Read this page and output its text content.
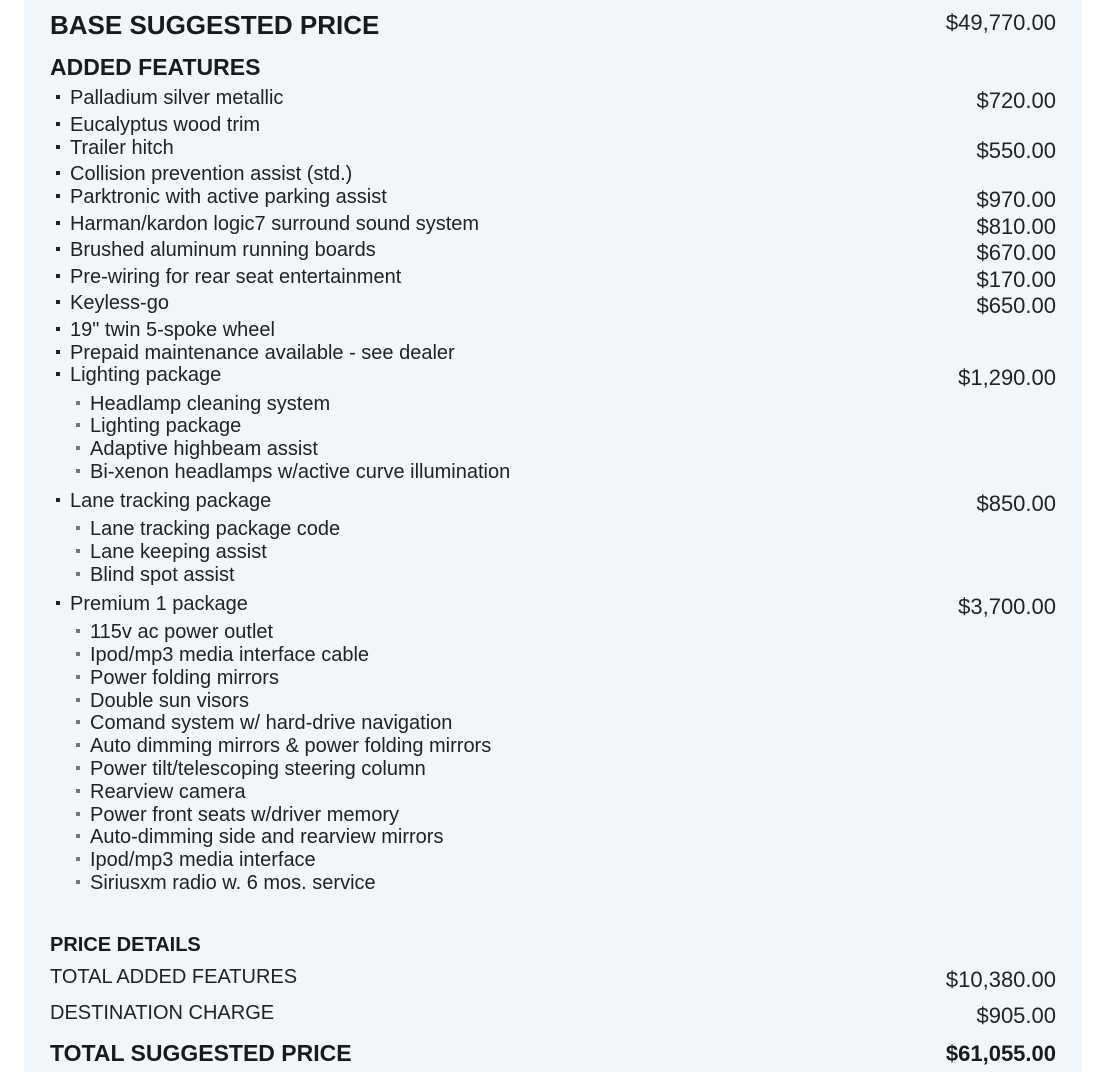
BASE SUGGESTED PRICE	$49,770.00
ADDED FEATURES
Palladium silver metallic	$720.00
Eucalyptus wood trim
Trailer hitch	$550.00
Collision prevention assist (std.)
Parktronic with active parking assist	$970.00
Harman/kardon logic7 surround sound system	$810.00
Brushed aluminum running boards	$670.00
Pre-wiring for rear seat entertainment	$170.00
Keyless-go	$650.00
19" twin 5-spoke wheel
Prepaid maintenance available - see dealer
Lighting package	$1,290.00
Headlamp cleaning system
Lighting package
Adaptive highbeam assist
Bi-xenon headlamps w/active curve illumination
Lane tracking package	$850.00
Lane tracking package code
Lane keeping assist
Blind spot assist
Premium 1 package	$3,700.00
115v ac power outlet
Ipod/mp3 media interface cable
Power folding mirrors
Double sun visors
Comand system w/ hard-drive navigation
Auto dimming mirrors & power folding mirrors
Power tilt/telescoping steering column
Rearview camera
Power front seats w/driver memory
Auto-dimming side and rearview mirrors
Ipod/mp3 media interface
Siriusxm radio w. 6 mos. service
PRICE DETAILS
TOTAL ADDED FEATURES	$10,380.00
DESTINATION CHARGE	$905.00
TOTAL SUGGESTED PRICE	$61,055.00
